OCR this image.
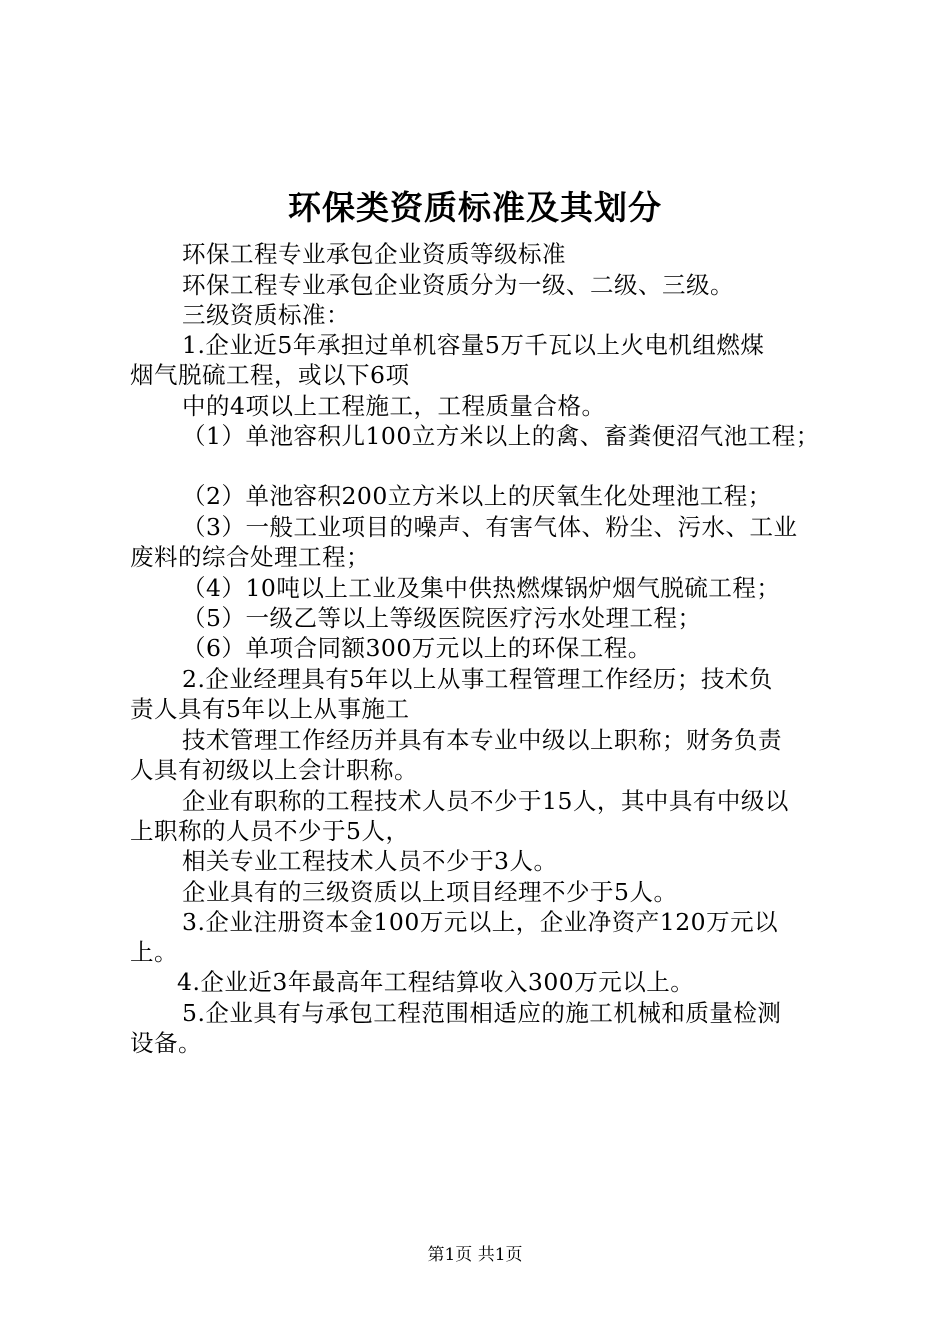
环保类资质标准及其划分
环保工程专业承包企业资质等级标准
环保工程专业承包企业资质分为一级、二级、三级。
三级资质标准：
1.企业近5年承担过单机容量5万千瓦以上火电机组燃煤
烟气脱硫工程，或以下6项
中的4项以上工程施工，工程质量合格。
（1）单池容积儿100立方米以上的禽、畜粪便沼气池工程；
（2）单池容积200立方米以上的厌氧生化处理池工程；
（3）一般工业项目的噪声、有害气体、粉尘、污水、工业
废料的综合处理工程；
（4）10吨以上工业及集中供热燃煤锅炉烟气脱硫工程；
（5）一级乙等以上等级医院医疗污水处理工程；
（6）单项合同额300万元以上的环保工程。
2.企业经理具有5年以上从事工程管理工作经历；技术负
责人具有5年以上从事施工
技术管理工作经历并具有本专业中级以上职称；财务负责
人具有初级以上会计职称。
企业有职称的工程技术人员不少于15人，其中具有中级以
上职称的人员不少于5人，
相关专业工程技术人员不少于3人。
企业具有的三级资质以上项目经理不少于5人。
3.企业注册资本金100万元以上，企业净资产120万元以
上。
4.企业近3年最高年工程结算收入300万元以上。
5.企业具有与承包工程范围相适应的施工机械和质量检测
设备。
第1页 共1页
